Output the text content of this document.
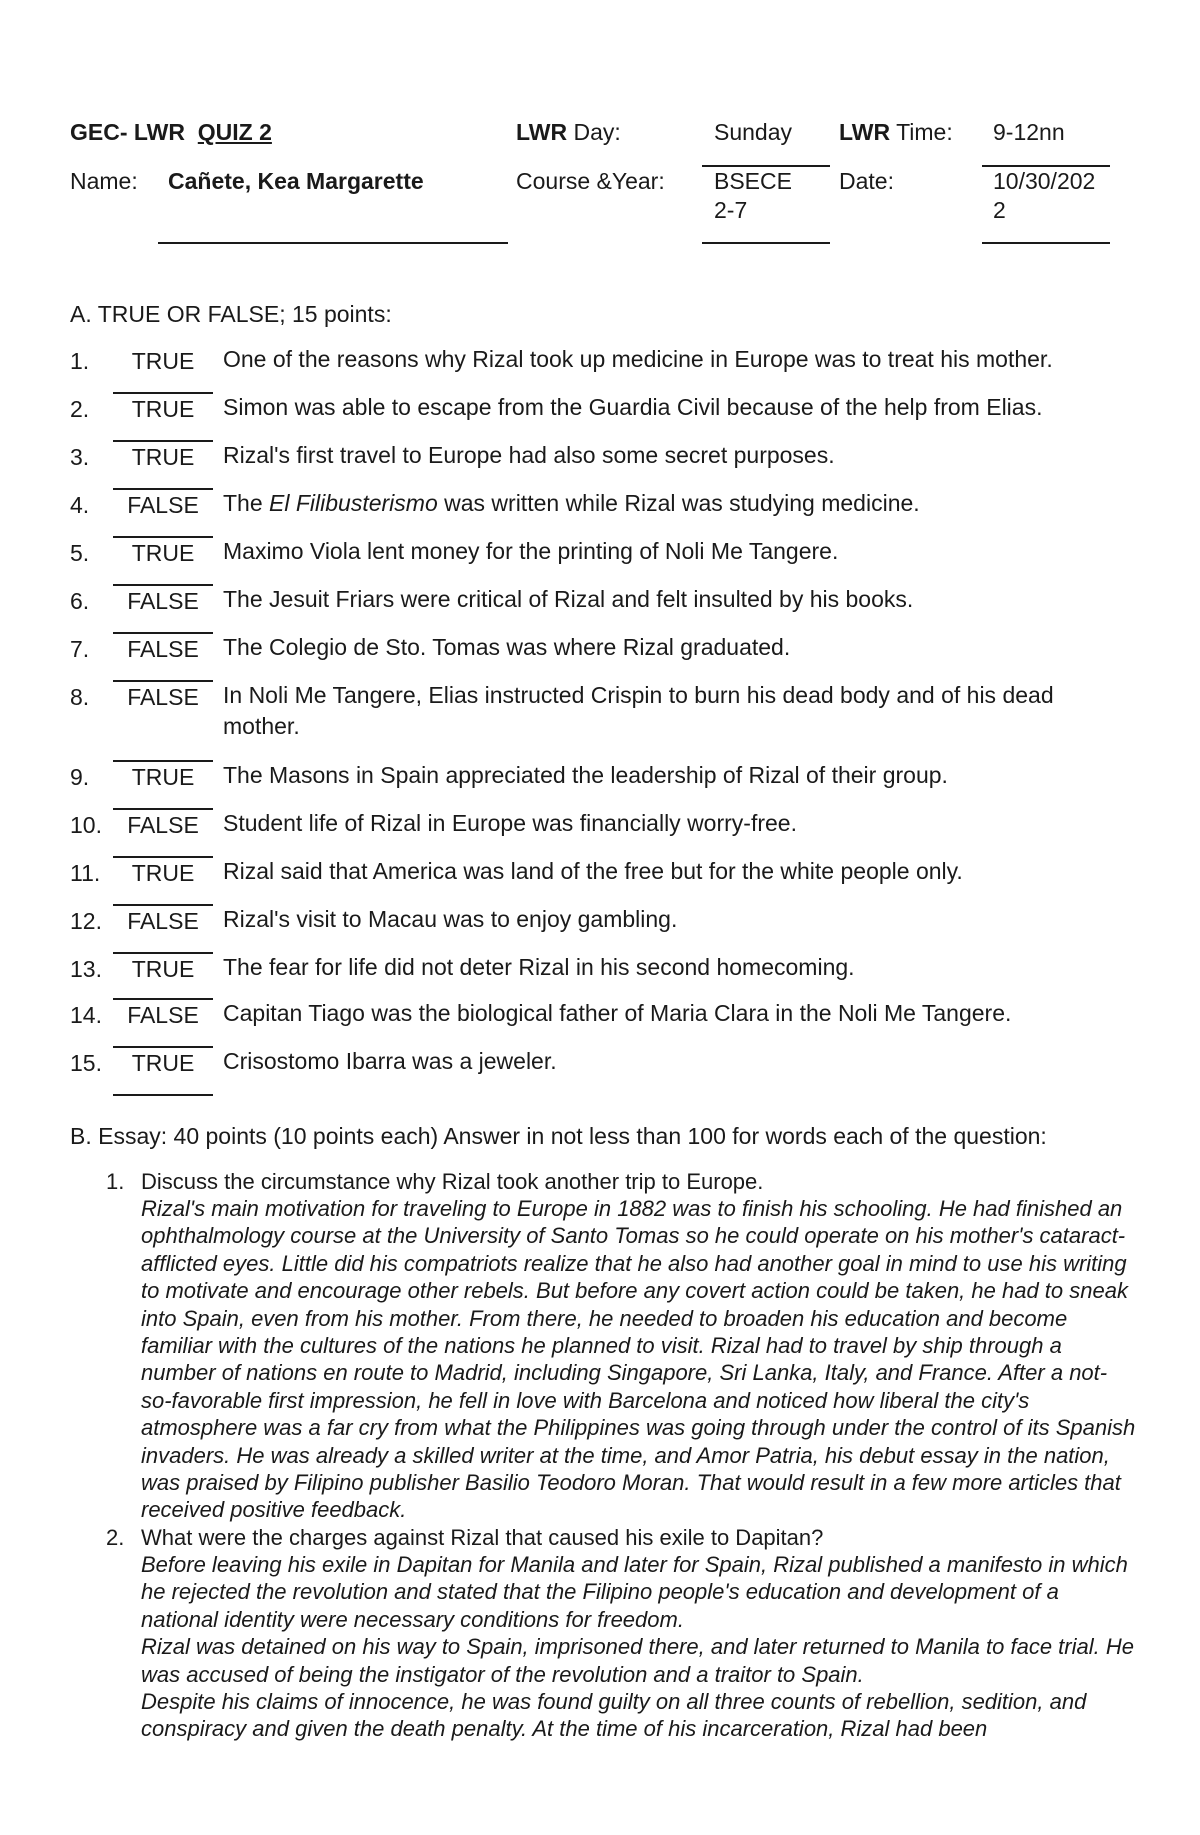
GEC- LWR QUIZ 2	LWR Day:	Sunday LWR Time: 9-12nn
Name: Cañete, Kea Margarette	Course &Year: BSECE
2-7
Date:	10/30/202
2
A. TRUE OR FALSE; 15 points:
1.	TRUE	One of the reasons why Rizal took up medicine in Europe was to treat his mother.
2.	TRUE	Simon was able to escape from the Guardia Civil because of the help from Elias.
3.	TRUE	Rizal's first travel to Europe had also some secret purposes.
4.	FALSE	The El Filibusterismo was written while Rizal was studying medicine.
5.	TRUE	Maximo Viola lent money for the printing of Noli Me Tangere.
6.	FALSE	The Jesuit Friars were critical of Rizal and felt insulted by his books.
7.	FALSE	The Colegio de Sto. Tomas was where Rizal graduated.
8.	FALSE	In Noli Me Tangere, Elias instructed Crispin to burn his dead body and of his dead mother.
9.	TRUE	The Masons in Spain appreciated the leadership of Rizal of their group.
10.	FALSE	Student life of Rizal in Europe was financially worry-free.
11.	TRUE	Rizal said that America was land of the free but for the white people only.
12.	FALSE	Rizal's visit to Macau was to enjoy gambling.
13.	TRUE	The fear for life did not deter Rizal in his second homecoming.
14.	FALSE	Capitan Tiago was the biological father of Maria Clara in the Noli Me Tangere.
15.	TRUE	Crisostomo Ibarra was a jeweler.
B. Essay: 40 points (10 points each) Answer in not less than 100 for words each of the question:
1. Discuss the circumstance why Rizal took another trip to Europe.
Rizal's main motivation for traveling to Europe in 1882 was to finish his schooling. He had finished an ophthalmology course at the University of Santo Tomas so he could operate on his mother's cataract-afflicted eyes. Little did his compatriots realize that he also had another goal in mind to use his writing to motivate and encourage other rebels. But before any covert action could be taken, he had to sneak into Spain, even from his mother. From there, he needed to broaden his education and become familiar with the cultures of the nations he planned to visit. Rizal had to travel by ship through a number of nations en route to Madrid, including Singapore, Sri Lanka, Italy, and France. After a not-so-favorable first impression, he fell in love with Barcelona and noticed how liberal the city's atmosphere was a far cry from what the Philippines was going through under the control of its Spanish invaders. He was already a skilled writer at the time, and Amor Patria, his debut essay in the nation, was praised by Filipino publisher Basilio Teodoro Moran. That would result in a few more articles that received positive feedback.
2. What were the charges against Rizal that caused his exile to Dapitan?
Before leaving his exile in Dapitan for Manila and later for Spain, Rizal published a manifesto in which he rejected the revolution and stated that the Filipino people's education and development of a national identity were necessary conditions for freedom.
Rizal was detained on his way to Spain, imprisoned there, and later returned to Manila to face trial. He was accused of being the instigator of the revolution and a traitor to Spain.
Despite his claims of innocence, he was found guilty on all three counts of rebellion, sedition, and conspiracy and given the death penalty. At the time of his incarceration, Rizal had been
